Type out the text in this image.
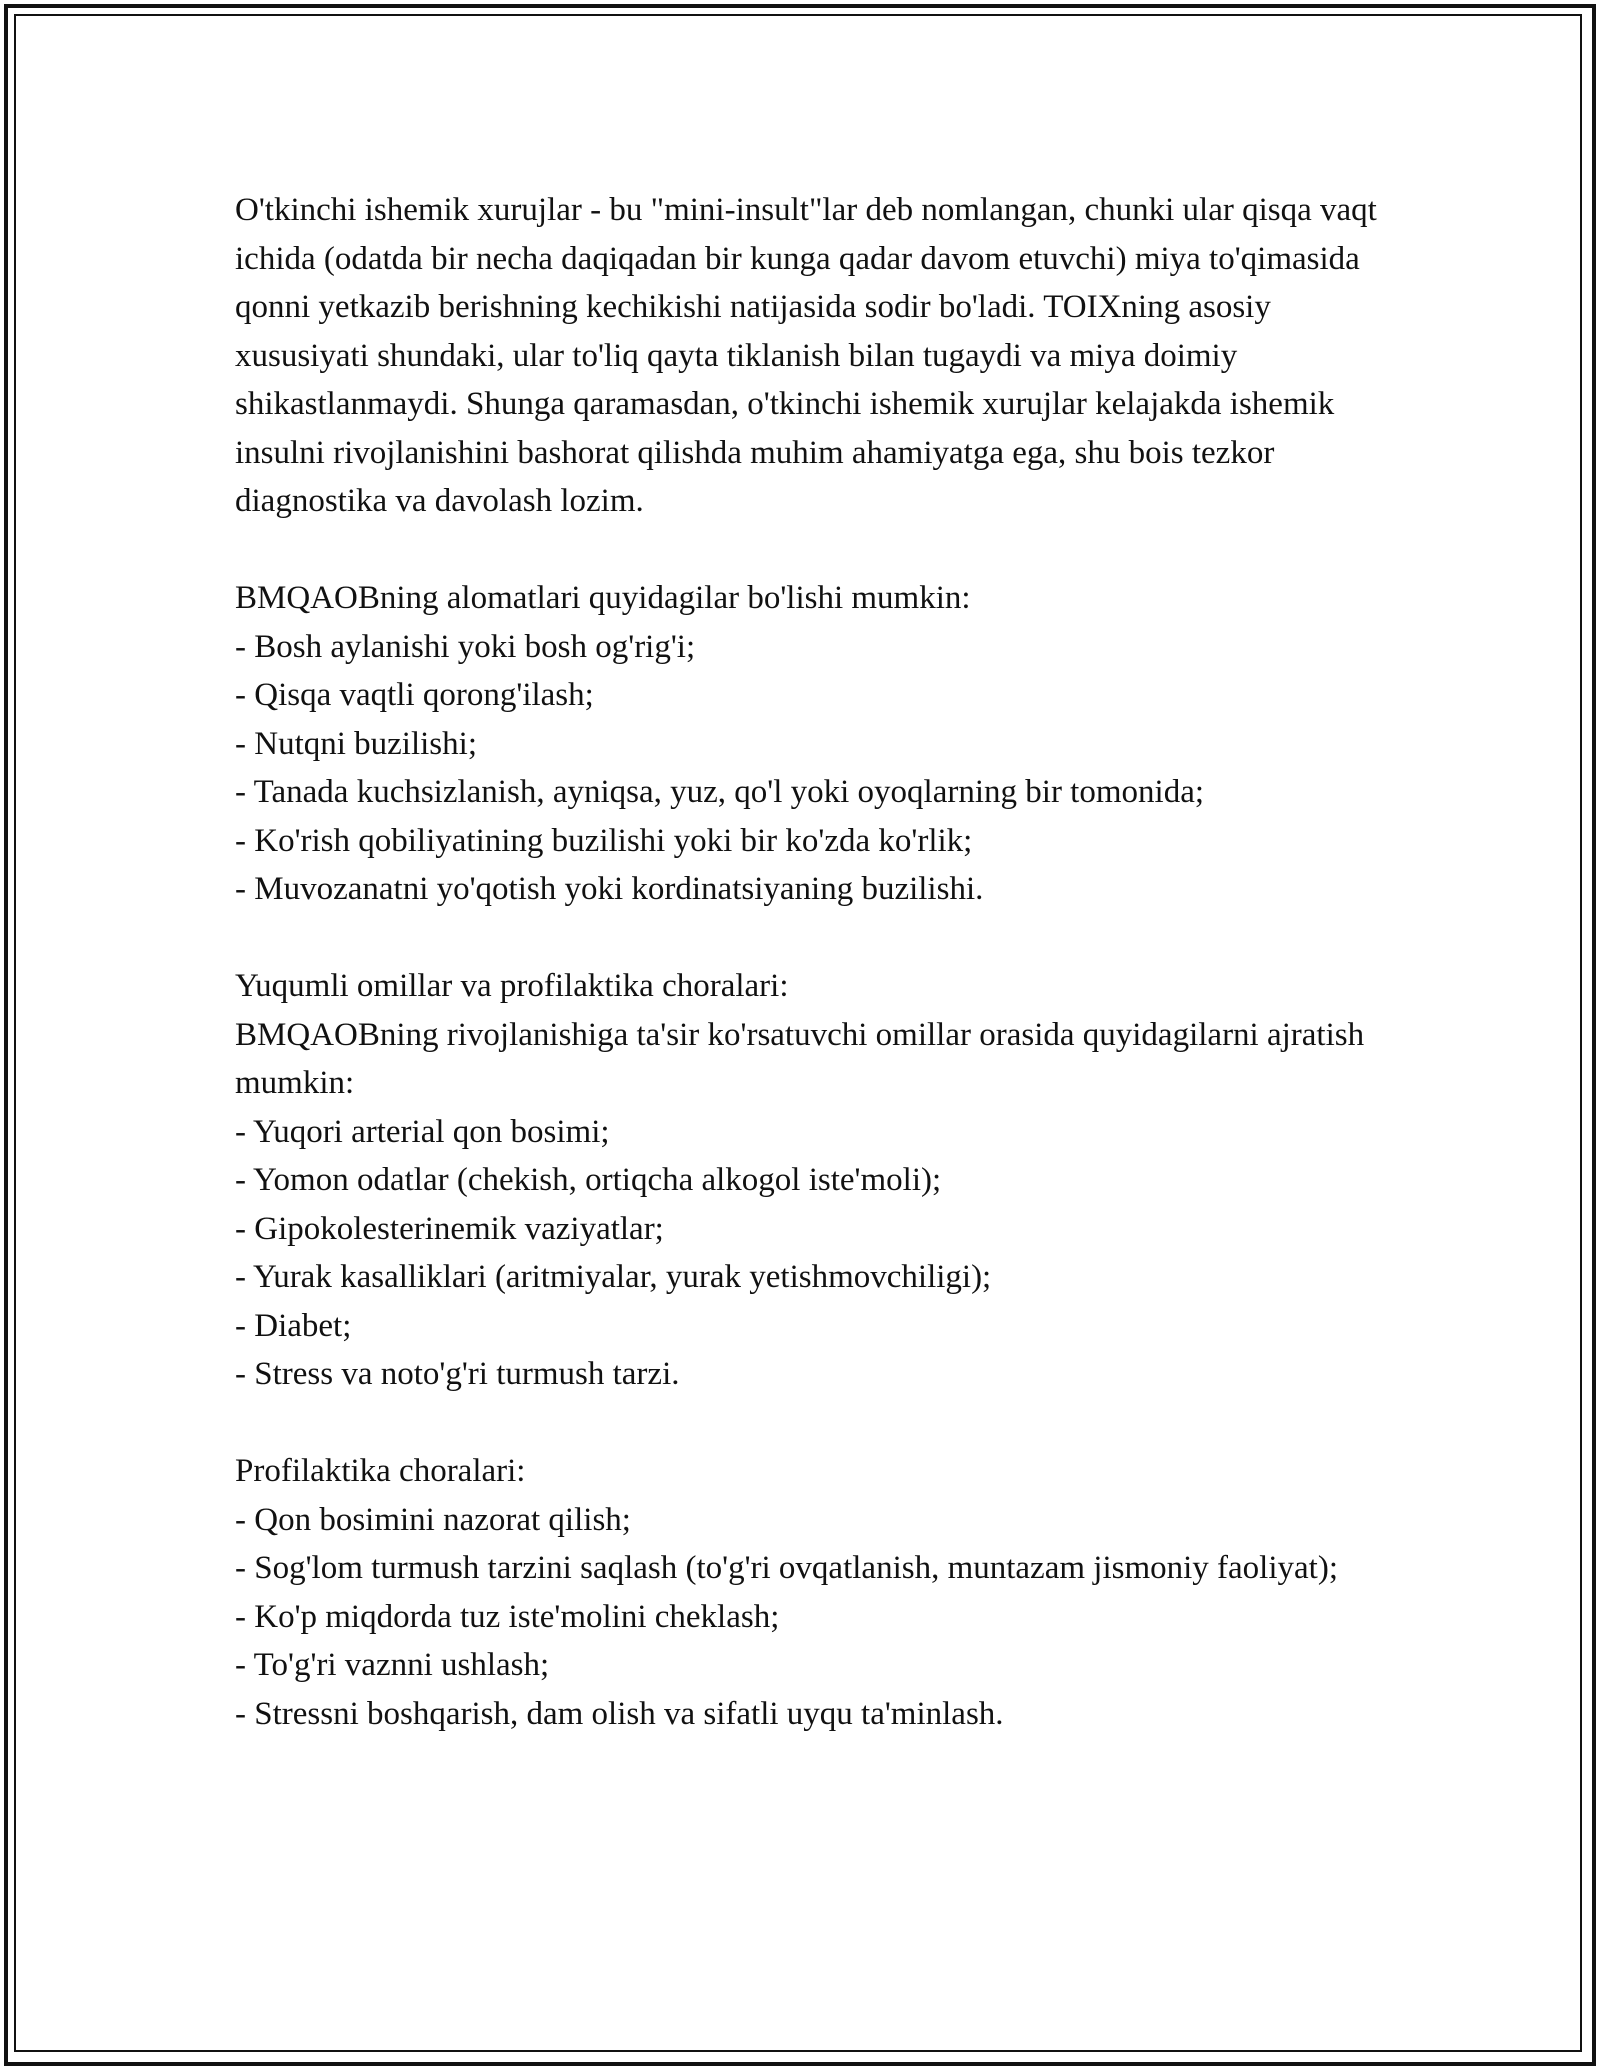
O'tkinchi ishemik xurujlar - bu "mini-insult"lar deb nomlangan, chunki ular qisqa vaqt ichida (odatda bir necha daqiqadan bir kunga qadar davom etuvchi) miya to'qimasida qonni yetkazib berishning kechikishi natijasida sodir bo'ladi. TOIXning asosiy xususiyati shundaki, ular to'liq qayta tiklanish bilan tugaydi va miya doimiy shikastlanmaydi. Shunga qaramasdan, o'tkinchi ishemik xurujlar kelajakda ishemik insulni rivojlanishini bashorat qilishda muhim ahamiyatga ega, shu bois tezkor diagnostika va davolash lozim.

BMQAOBning alomatlari quyidagilar bo'lishi mumkin:
- Bosh aylanishi yoki bosh og'rig'i;
- Qisqa vaqtli qorong'ilash;
- Nutqni buzilishi;
- Tanada kuchsizlanish, ayniqsa, yuz, qo'l yoki oyoqlarning bir tomonida;
- Ko'rish qobiliyatining buzilishi yoki bir ko'zda ko'rlik;
- Muvozanatni yo'qotish yoki kordinatsiyaning buzilishi.
Yuqumli omillar va profilaktika choralari:
BMQAOBning rivojlanishiga ta'sir ko'rsatuvchi omillar orasida quyidagilarni ajratish mumkin:
- Yuqori arterial qon bosimi;
- Yomon odatlar (chekish, ortiqcha alkogol iste'moli);
- Gipokolesterinemik vaziyatlar;
- Yurak kasalliklari (aritmiyalar, yurak yetishmovchiligi);
- Diabet;
- Stress va noto'g'ri turmush tarzi.
Profilaktika choralari:
- Qon bosimini nazorat qilish;
- Sog'lom turmush tarzini saqlash (to'g'ri ovqatlanish, muntazam jismoniy faoliyat);
- Ko'p miqdorda tuz iste'molini cheklash;
- To'g'ri vaznni ushlash;
- Stressni boshqarish, dam olish va sifatli uyqu ta'minlash.
